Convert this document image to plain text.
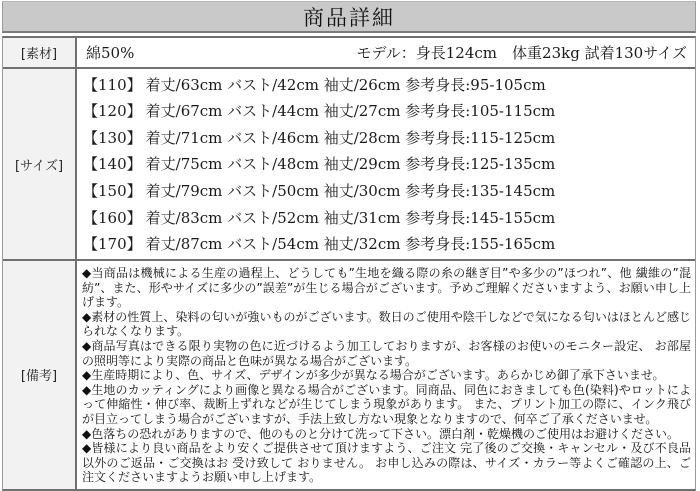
商品詳細
[素材]	綿50%	モデル：身長124cm　体重23kg 試着130サイズ
[サイズ]
【110】 着丈/63cm バスト/42cm 袖丈/26cm 参考身長:95-105cm
【120】 着丈/67cm バスト/44cm 袖丈/27cm 参考身長:105-115cm
【130】 着丈/71cm バスト/46cm 袖丈/28cm 参考身長:115-125cm
【140】 着丈/75cm バスト/48cm 袖丈/29cm 参考身長:125-135cm
【150】 着丈/79cm バスト/50cm 袖丈/30cm 参考身長:135-145cm
【160】 着丈/83cm バスト/52cm 袖丈/31cm 参考身長:145-155cm
【170】 着丈/87cm バスト/54cm 袖丈/32cm 参考身長:155-165cm
[備考]

◆当商品は機械による生産の過程上、どうしても”生地を織る際の糸の継ぎ目”や多少の”ほつれ”、他 繊維の”混紡”、また、形やサイズに多少の”誤差”が生じる場合がございます。予めご理解くださいますよう、お願い申し上げます。

◆素材の性質上、染料の匂いが強いものがございます。数日のご使用や陰干しなどで気になる匂いはほとんど感じられなくなります。

◆商品写真はできる限り実物の色に近づけるよう加工しておりますが、お客様のお使いのモニター設定、 お部屋の照明等により実際の商品と色味が異なる場合がございます。

◆生産時期により、色、サイズ、デザインが多少が異なる場合がございます。あらかじめ御了承下さいませ。

◆生地のカッティングにより画像と異なる場合がございます。同商品、同色におきましても色(染料)やロットによって伸縮性・伸び率、裁断上ずれなどが生じてしまう現象があります。 また、プリント加工の際に、インク飛びが目立ってしまう場合がございますが、手法上致し方ない現象となりますので、何卒ご了承くださいませ。

◆色落ちの恐れがありますので、他のものと分けて洗って下さい。漂白剤・乾燥機のご使用はお避けください。

◆皆様により良い商品をより安くご提供させて頂けますよう、ご注文 完了後のご交換・キャンセル・及び不良品以外のご返品・ご交換はお 受け致して おりません。 お申し込みの際は、サイズ・カラー等よくご確認の上、ご注文くださいますようお願い申し上げます。
